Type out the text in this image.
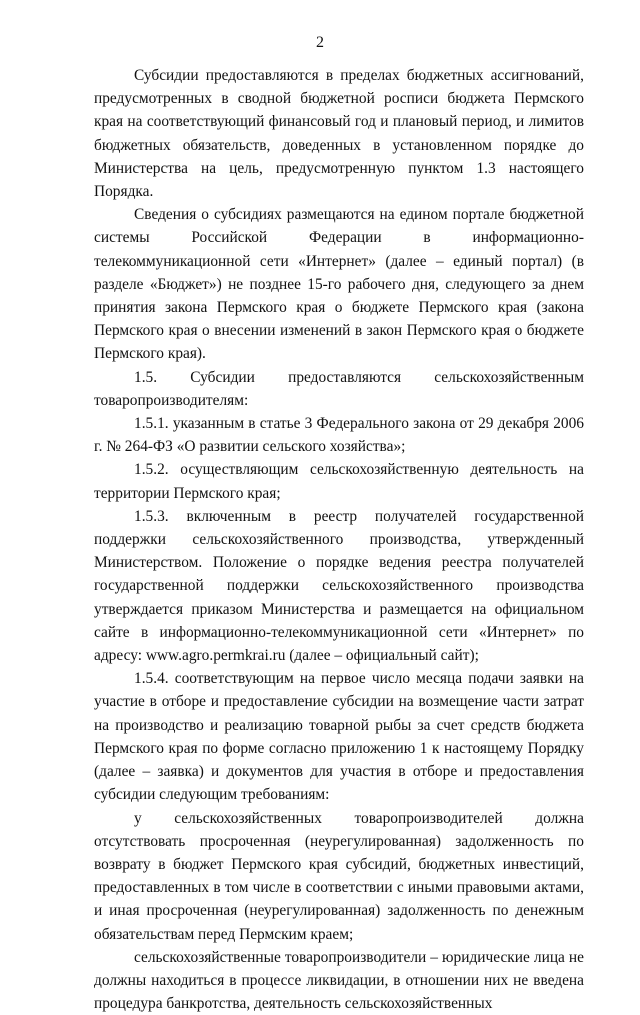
2

Субсидии предоставляются в пределах бюджетных ассигнований, предусмотренных в сводной бюджетной росписи бюджета Пермского края на соответствующий финансовый год и плановый период, и лимитов бюджетных обязательств, доведенных в установленном порядке до Министерства на цель, предусмотренную пунктом 1.3 настоящего Порядка.

Сведения о субсидиях размещаются на едином портале бюджетной системы Российской Федерации в информационно-телекоммуникационной сети «Интернет» (далее – единый портал) (в разделе «Бюджет») не позднее 15-го рабочего дня, следующего за днем принятия закона Пермского края о бюджете Пермского края (закона Пермского края о внесении изменений в закон Пермского края о бюджете Пермского края).

1.5. Субсидии предоставляются сельскохозяйственным товаропроизводителям:

1.5.1. указанным в статье 3 Федерального закона от 29 декабря 2006 г. № 264-ФЗ «О развитии сельского хозяйства»;

1.5.2. осуществляющим сельскохозяйственную деятельность на территории Пермского края;

1.5.3. включенным в реестр получателей государственной поддержки сельскохозяйственного производства, утвержденный Министерством. Положение о порядке ведения реестра получателей государственной поддержки сельскохозяйственного производства утверждается приказом Министерства и размещается на официальном сайте в информационно-телекоммуникационной сети «Интернет» по адресу: www.agro.permkrai.ru (далее – официальный сайт);

1.5.4. соответствующим на первое число месяца подачи заявки на участие в отборе и предоставление субсидии на возмещение части затрат на производство и реализацию товарной рыбы за счет средств бюджета Пермского края по форме согласно приложению 1 к настоящему Порядку (далее – заявка) и документов для участия в отборе и предоставления субсидии следующим требованиям:

у сельскохозяйственных товаропроизводителей должна отсутствовать просроченная (неурегулированная) задолженность по возврату в бюджет Пермского края субсидий, бюджетных инвестиций, предоставленных в том числе в соответствии с иными правовыми актами, и иная просроченная (неурегулированная) задолженность по денежным обязательствам перед Пермским краем;

сельскохозяйственные товаропроизводители – юридические лица не должны находиться в процессе ликвидации, в отношении них не введена процедура банкротства, деятельность сельскохозяйственных
